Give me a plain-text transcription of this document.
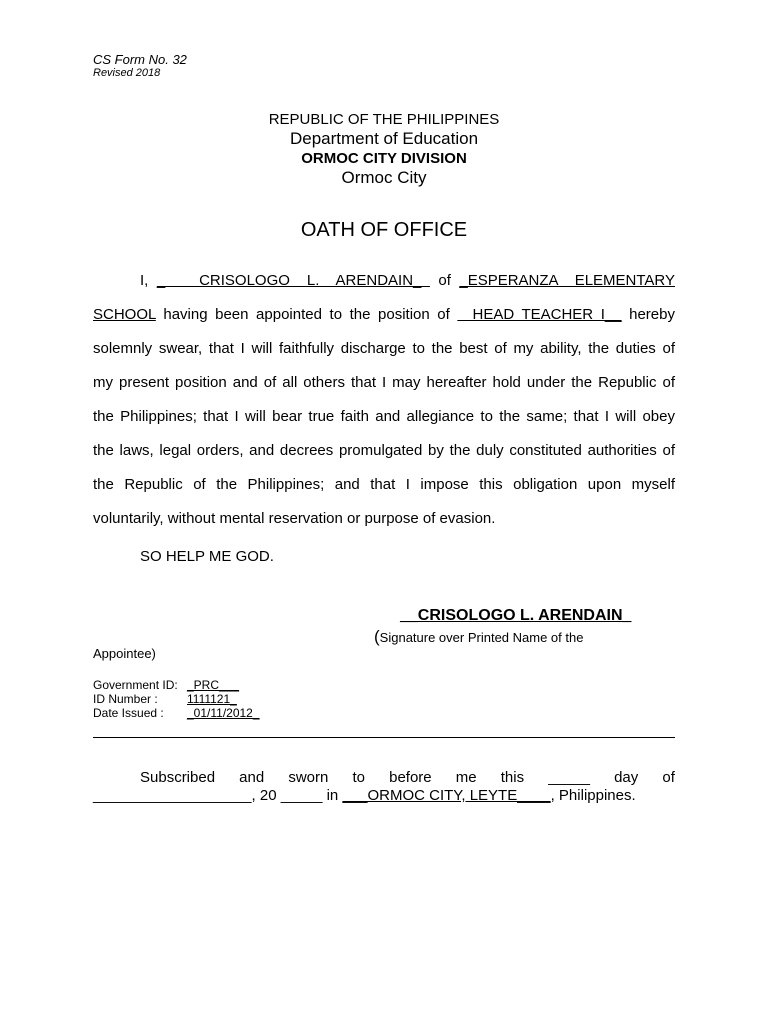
CS Form No. 32
Revised 2018
REPUBLIC OF THE PHILIPPINES
Department of Education
ORMOC CITY DIVISION
Ormoc City
OATH OF OFFICE

I, _    CRISOLOGO  L.  ARENDAIN_  of _ESPERANZA  ELEMENTARY

SCHOOL having been appointed to the position of   HEAD TEACHER I__ hereby

solemnly swear, that I will faithfully discharge to the best of my ability, the duties of

my present position and of all others that I may hereafter hold under the Republic of

the Philippines; that I will bear true faith and allegiance to the same; that I will obey

the laws, legal orders, and decrees promulgated by the duly constituted authorities of

the Republic of the Philippines; and that I impose this obligation upon myself

voluntarily, without mental reservation or purpose of evasion.

SO HELP ME GOD.
__CRISOLOGO L. ARENDAIN_
(Signature over Printed Name of the
Appointee)
Government ID: _PRC___
ID Number :	1111121_
Date Issued :	_01/11/2012_
Subscribed and sworn to before me this _____ day of
___________________, 20 _____ in ___ORMOC CITY, LEYTE____, Philippines.
